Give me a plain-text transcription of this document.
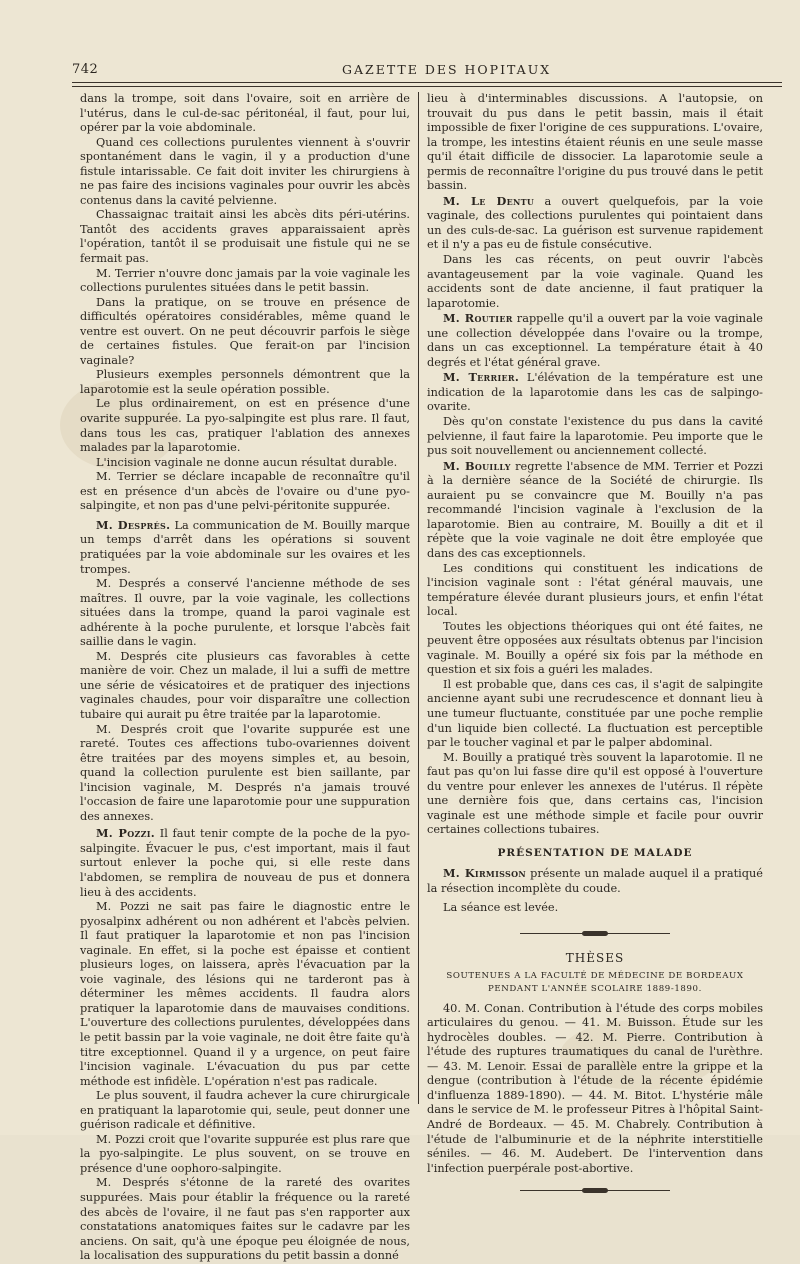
742	GAZETTE DES HOPITAUX

dans la trompe, soit dans l'ovaire, soit en arrière de l'utérus, dans le cul-de-sac péritonéal, il faut, pour lui, opérer par la voie abdominale.

Quand ces collections purulentes viennent à s'ouvrir spontanément dans le vagin, il y a production d'une fistule intarissable. Ce fait doit inviter les chirurgiens à ne pas faire des incisions vaginales pour ouvrir les abcès contenus dans la cavité pelvienne.

Chassaignac traitait ainsi les abcès dits péri-utérins. Tantôt des accidents graves apparaissaient après l'opération, tantôt il se produisait une fistule qui ne se fermait pas.

M. Terrier n'ouvre donc jamais par la voie vaginale les collections purulentes situées dans le petit bassin.

Dans la pratique, on se trouve en présence de difficultés opératoires considérables, même quand le ventre est ouvert. On ne peut découvrir parfois le siège de certaines fistules. Que ferait-on par l'incision vaginale?

Plusieurs exemples personnels démontrent que la laparotomie est la seule opération possible.

Le plus ordinairement, on est en présence d'une ovarite suppurée. La pyo-salpingite est plus rare. Il faut, dans tous les cas, pratiquer l'ablation des annexes malades par la laparotomie.

L'incision vaginale ne donne aucun résultat durable.

M. Terrier se déclare incapable de reconnaître qu'il est en présence d'un abcès de l'ovaire ou d'une pyo-salpingite, et non pas d'une pelvi-péritonite suppurée.

M. Després. La communication de M. Bouilly marque un temps d'arrêt dans les opérations si souvent pratiquées par la voie abdominale sur les ovaires et les trompes.

M. Després a conservé l'ancienne méthode de ses maîtres. Il ouvre, par la voie vaginale, les collections situées dans la trompe, quand la paroi vaginale est adhérente à la poche purulente, et lorsque l'abcès fait saillie dans le vagin.

M. Després cite plusieurs cas favorables à cette manière de voir. Chez un malade, il lui a suffi de mettre une série de vésicatoires et de pratiquer des injections vaginales chaudes, pour voir disparaître une collection tubaire qui aurait pu être traitée par la laparotomie.

M. Després croit que l'ovarite suppurée est une rareté. Toutes ces affections tubo-ovariennes doivent être traitées par des moyens simples et, au besoin, quand la collection purulente est bien saillante, par l'incision vaginale, M. Després n'a jamais trouvé l'occasion de faire une laparotomie pour une suppuration des annexes.

M. Pozzi. Il faut tenir compte de la poche de la pyo-salpingite. Évacuer le pus, c'est important, mais il faut surtout enlever la poche qui, si elle reste dans l'abdomen, se remplira de nouveau de pus et donnera lieu à des accidents.

M. Pozzi ne sait pas faire le diagnostic entre le pyosalpinx adhérent ou non adhérent et l'abcès pelvien. Il faut pratiquer la laparotomie et non pas l'incision vaginale. En effet, si la poche est épaisse et contient plusieurs loges, on laissera, après l'évacuation par la voie vaginale, des lésions qui ne tarderont pas à déterminer les mêmes accidents. Il faudra alors pratiquer la laparotomie dans de mauvaises conditions. L'ouverture des collections purulentes, développées dans le petit bassin par la voie vaginale, ne doit être faite qu'à titre exceptionnel. Quand il y a urgence, on peut faire l'incision vaginale. L'évacuation du pus par cette méthode est infidèle. L'opération n'est pas radicale.

Le plus souvent, il faudra achever la cure chirurgicale en pratiquant la laparotomie qui, seule, peut donner une guérison radicale et définitive.

M. Pozzi croit que l'ovarite suppurée est plus rare que la pyo-salpingite. Le plus souvent, on se trouve en présence d'une oophoro-salpingite.

M. Després s'étonne de la rareté des ovarites suppurées. Mais pour établir la fréquence ou la rareté des abcès de l'ovaire, il ne faut pas s'en rapporter aux constatations anatomiques faites sur le cadavre par les anciens. On sait, qu'à une époque peu éloignée de nous, la localisation des suppurations du petit bassin a donné

lieu à d'interminables discussions. A l'autopsie, on trouvait du pus dans le petit bassin, mais il était impossible de fixer l'origine de ces suppurations. L'ovaire, la trompe, les intestins étaient réunis en une seule masse qu'il était difficile de dissocier. La laparotomie seule a permis de reconnaître l'origine du pus trouvé dans le petit bassin.

M. Le Dentu a ouvert quelquefois, par la voie vaginale, des collections purulentes qui pointaient dans un des culs-de-sac. La guérison est survenue rapidement et il n'y a pas eu de fistule consécutive.

Dans les cas récents, on peut ouvrir l'abcès avantageusement par la voie vaginale. Quand les accidents sont de date ancienne, il faut pratiquer la laparotomie.

M. Routier rappelle qu'il a ouvert par la voie vaginale une collection développée dans l'ovaire ou la trompe, dans un cas exceptionnel. La température était à 40 degrés et l'état général grave.

M. Terrier. L'élévation de la température est une indication de la laparotomie dans les cas de salpingo-ovarite.

Dès qu'on constate l'existence du pus dans la cavité pelvienne, il faut faire la laparotomie. Peu importe que le pus soit nouvellement ou anciennement collecté.

M. Bouilly regrette l'absence de MM. Terrier et Pozzi à la dernière séance de la Société de chirurgie. Ils auraient pu se convaincre que M. Bouilly n'a pas recommandé l'incision vaginale à l'exclusion de la laparotomie. Bien au contraire, M. Bouilly a dit et il répète que la voie vaginale ne doit être employée que dans des cas exceptionnels.

Les conditions qui constituent les indications de l'incision vaginale sont : l'état général mauvais, une température élevée durant plusieurs jours, et enfin l'état local.

Toutes les objections théoriques qui ont été faites, ne peuvent être opposées aux résultats obtenus par l'incision vaginale. M. Bouilly a opéré six fois par la méthode en question et six fois a guéri les malades.

Il est probable que, dans ces cas, il s'agit de salpingite ancienne ayant subi une recrudescence et donnant lieu à une tumeur fluctuante, constituée par une poche remplie d'un liquide bien collecté. La fluctuation est perceptible par le toucher vaginal et par le palper abdominal.

M. Bouilly a pratiqué très souvent la laparotomie. Il ne faut pas qu'on lui fasse dire qu'il est opposé à l'ouverture du ventre pour enlever les annexes de l'utérus. Il répète une dernière fois que, dans certains cas, l'incision vaginale est une méthode simple et facile pour ouvrir certaines collections tubaires.

PRÉSENTATION DE MALADE

M. Kirmisson présente un malade auquel il a pratiqué la résection incomplète du coude.

La séance est levée.

THÈSES
SOUTENUES A LA FACULTÉ DE MÉDECINE DE BORDEAUX
PENDANT L'ANNÉE SCOLAIRE 1889-1890.

40. M. Conan. Contribution à l'étude des corps mobiles articulaires du genou. — 41. M. Buisson. Étude sur les hydrocèles doubles. — 42. M. Pierre. Contribution à l'étude des ruptures traumatiques du canal de l'urèthre. — 43. M. Lenoir. Essai de parallèle entre la grippe et la dengue (contribution à l'étude de la récente épidémie d'influenza 1889-1890). — 44. M. Bitot. L'hystérie mâle dans le service de M. le professeur Pitres à l'hôpital Saint-André de Bordeaux. — 45. M. Chabrely. Contribution à l'étude de l'albuminurie et de la néphrite interstitielle séniles. — 46. M. Audebert. De l'intervention dans l'infection puerpérale post-abortive.
